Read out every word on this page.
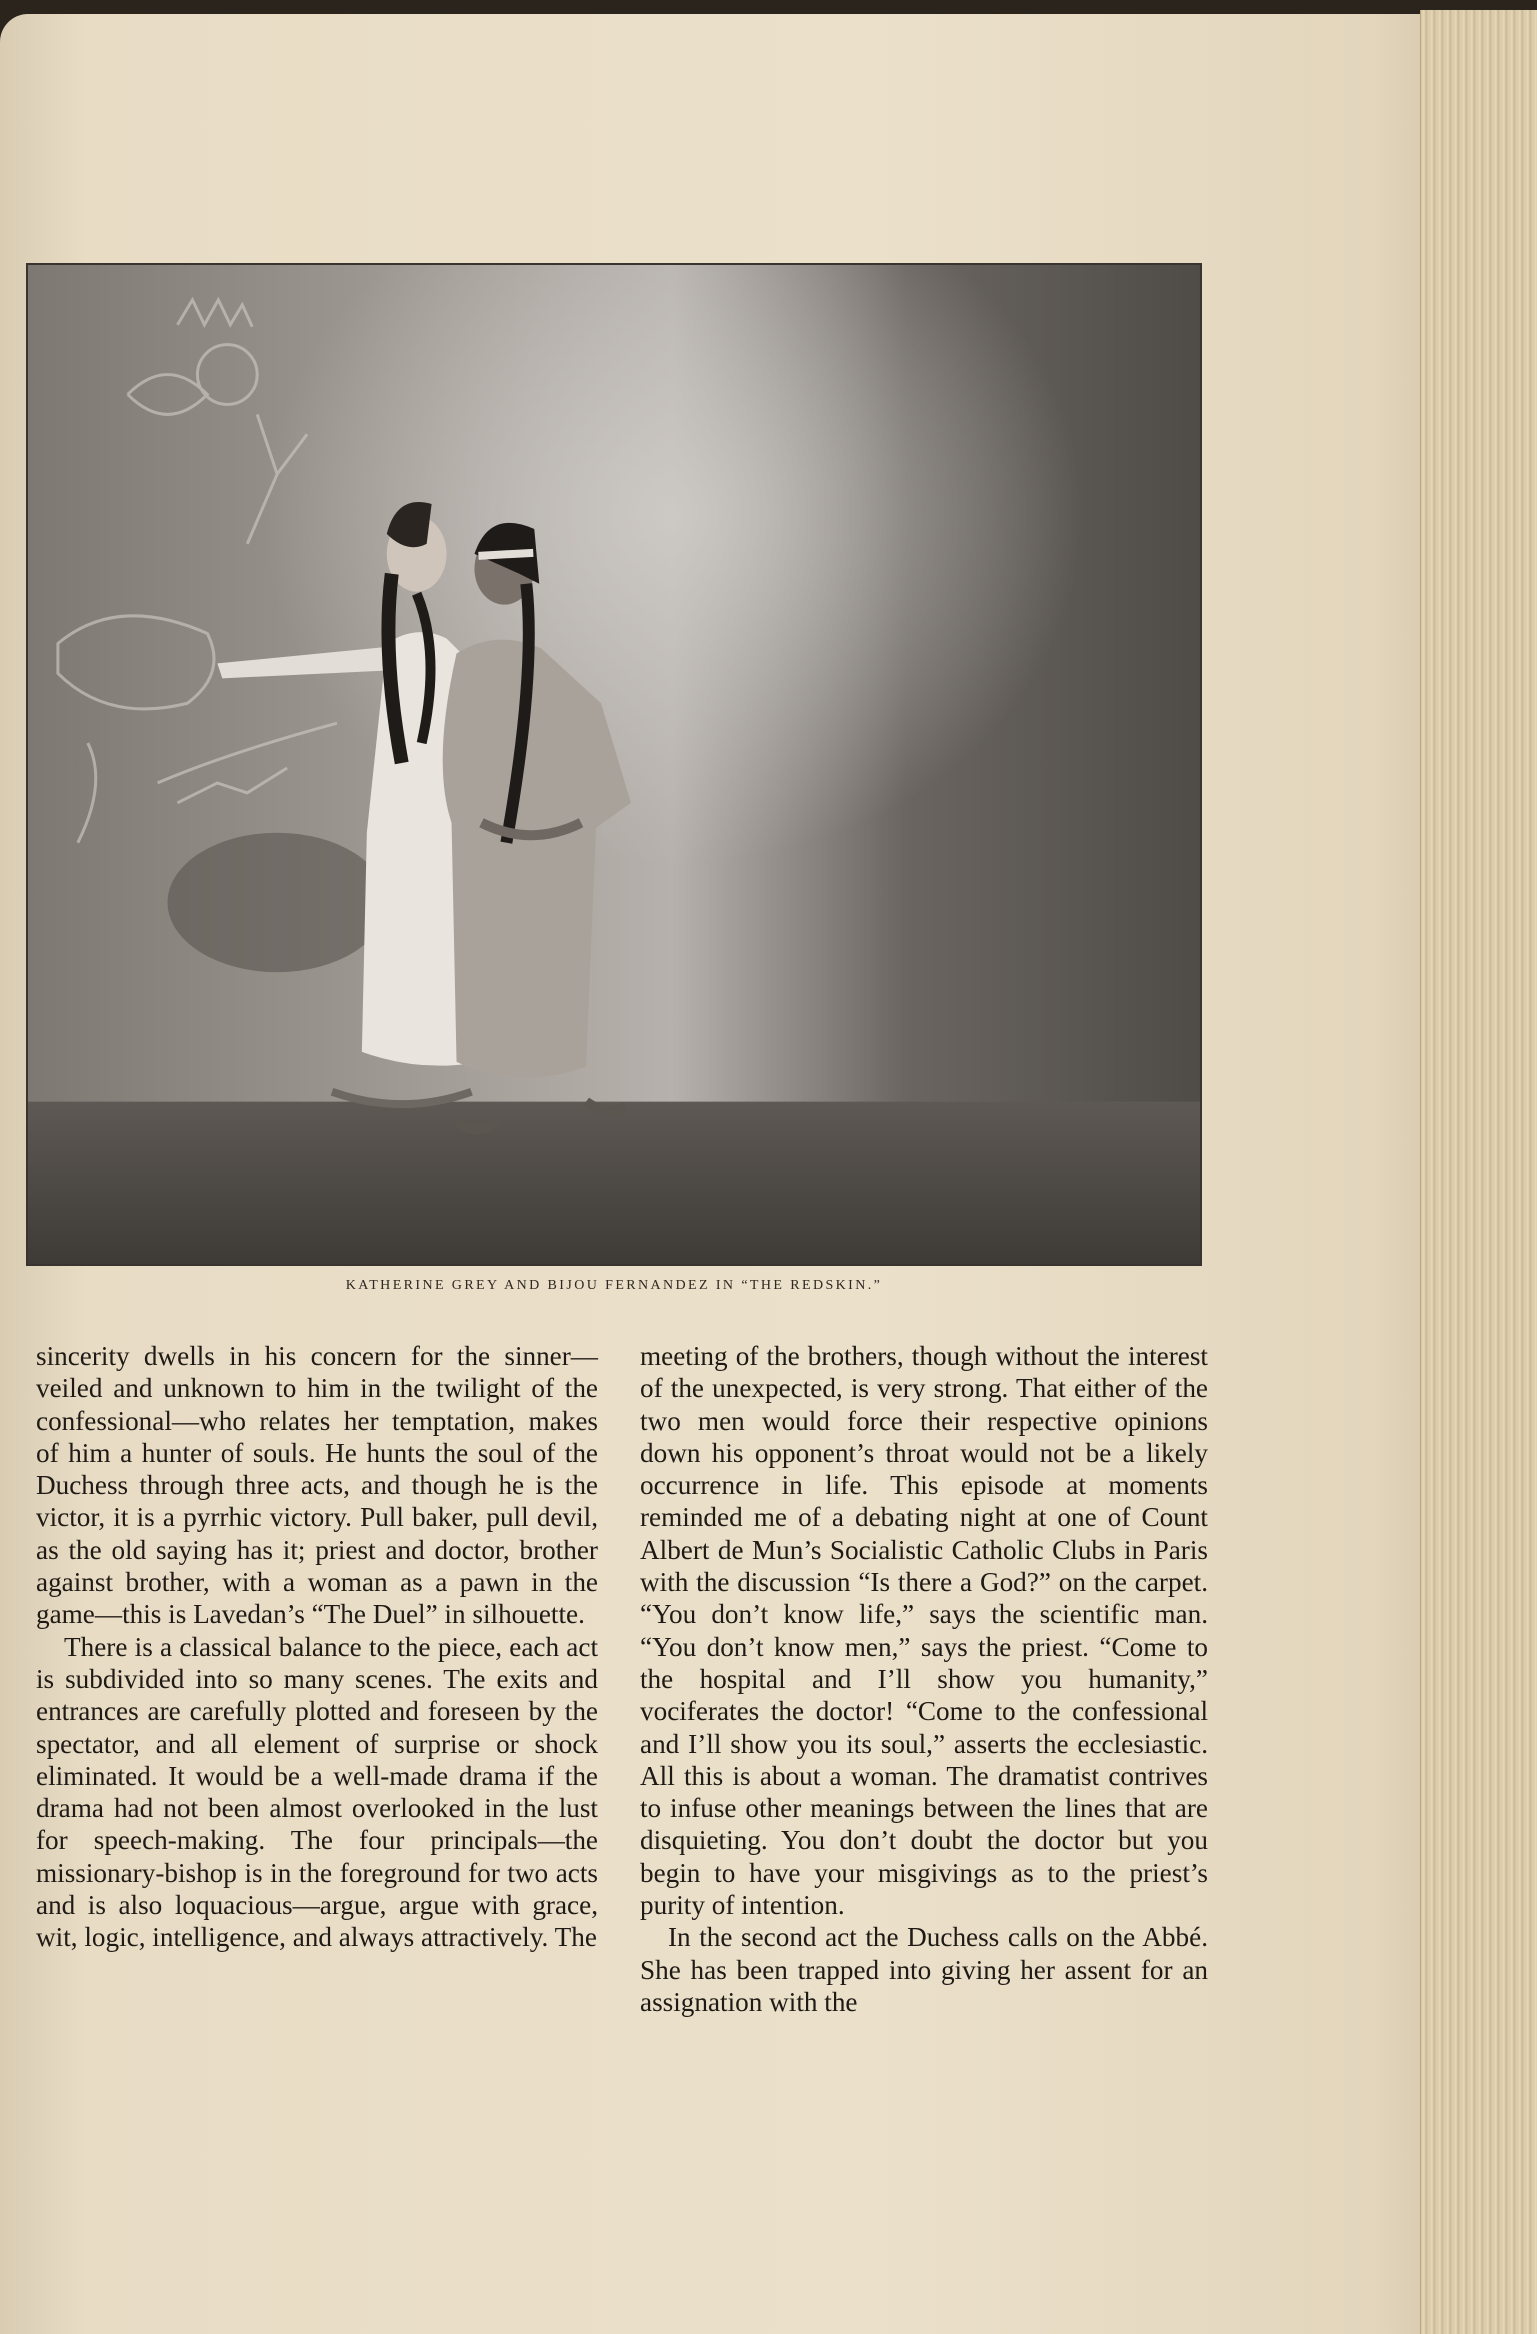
KATHERINE GREY AND BIJOU FERNANDEZ IN “THE REDSKIN.”

sincerity dwells in his concern for the sinner—veiled and unknown to him in the twilight of the confessional—who relates her temptation, makes of him a hunter of souls. He hunts the soul of the Duchess through three acts, and though he is the victor, it is a pyrrhic victory. Pull baker, pull devil, as the old saying has it; priest and doctor, brother against brother, with a woman as a pawn in the game—this is Lavedan’s “The Duel” in silhouette.

There is a classical balance to the piece, each act is subdivided into so many scenes. The exits and entrances are carefully plotted and foreseen by the spectator, and all element of surprise or shock eliminated. It would be a well-made drama if the drama had not been almost overlooked in the lust for speech-making. The four principals—the missionary-bishop is in the foreground for two acts and is also loquacious—argue, argue with grace, wit, logic, intelligence, and always attractively. The

meeting of the brothers, though without the interest of the unexpected, is very strong. That either of the two men would force their respective opinions down his opponent’s throat would not be a likely occurrence in life. This episode at moments reminded me of a debating night at one of Count Albert de Mun’s Socialistic Catholic Clubs in Paris with the discussion “Is there a God?” on the carpet. “You don’t know life,” says the scientific man. “You don’t know men,” says the priest. “Come to the hospital and I’ll show you humanity,” vociferates the doctor! “Come to the confessional and I’ll show you its soul,” asserts the ecclesiastic. All this is about a woman. The dramatist contrives to infuse other meanings between the lines that are disquieting. You don’t doubt the doctor but you begin to have your misgivings as to the priest’s purity of intention.

In the second act the Duchess calls on the Abbé. She has been trapped into giving her assent for an assignation with the
